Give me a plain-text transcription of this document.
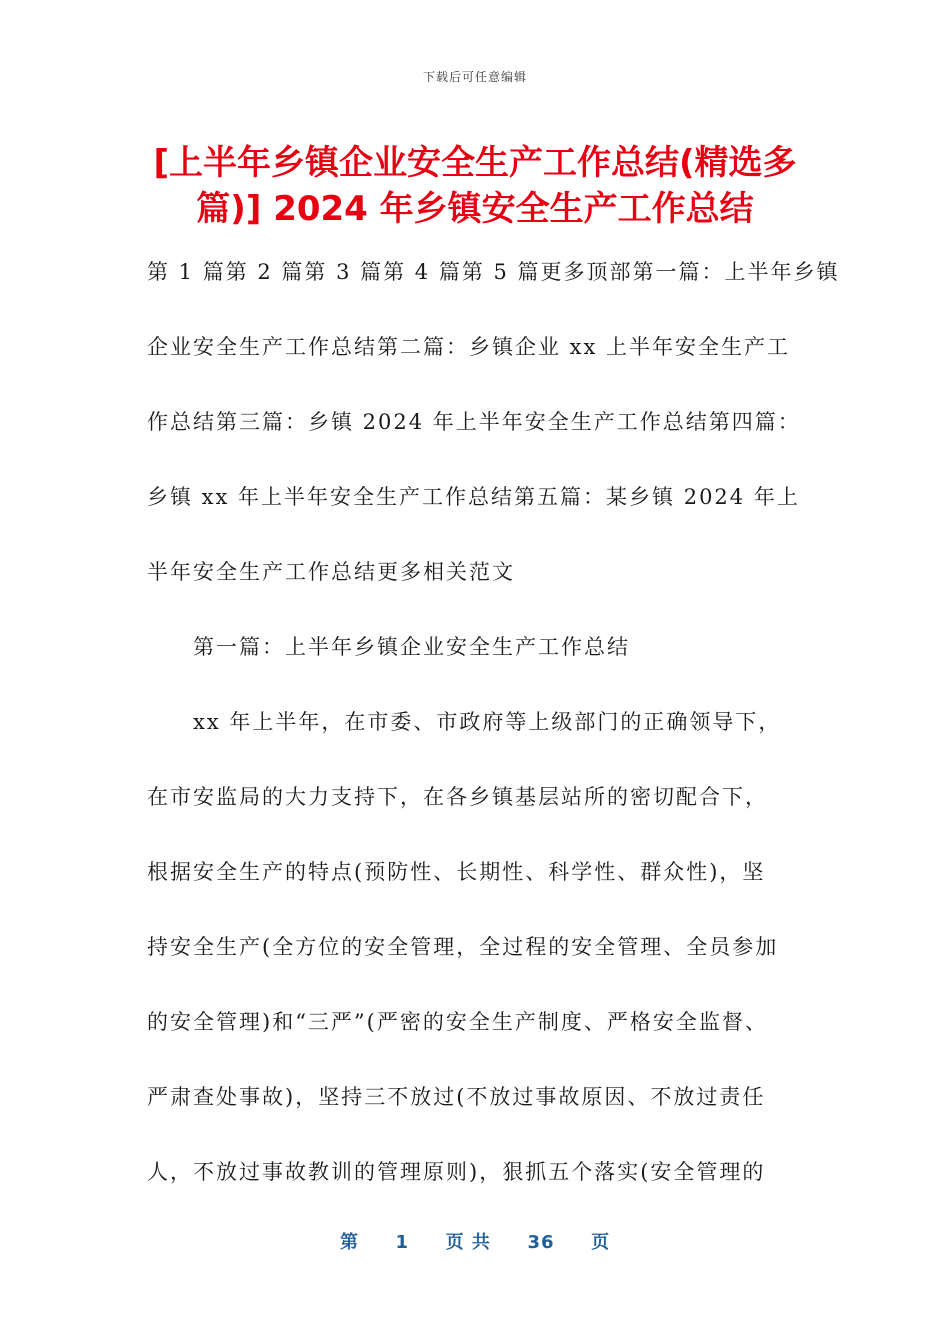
下载后可任意编辑
[上半年乡镇企业安全生产工作总结(精选多
篇)] 2024 年乡镇安全生产工作总结
第 1 篇第 2 篇第 3 篇第 4 篇第 5 篇更多顶部第一篇：上半年乡镇
企业安全生产工作总结第二篇：乡镇企业 xx 上半年安全生产工
作总结第三篇：乡镇 2024 年上半年安全生产工作总结第四篇：
乡镇 xx 年上半年安全生产工作总结第五篇：某乡镇 2024 年上
半年安全生产工作总结更多相关范文
第一篇：上半年乡镇企业安全生产工作总结
xx 年上半年，在市委、市政府等上级部门的正确领导下，
在市安监局的大力支持下，在各乡镇基层站所的密切配合下，
根据安全生产的特点(预防性、长期性、科学性、群众性)，坚
持安全生产(全方位的安全管理，全过程的安全管理、全员参加
的安全管理)和“三严”(严密的安全生产制度、严格安全监督、
严肃查处事故)，坚持三不放过(不放过事故原因、不放过责任
人，不放过事故教训的管理原则)，狠抓五个落实(安全管理的
第 1 页 共 36 页
